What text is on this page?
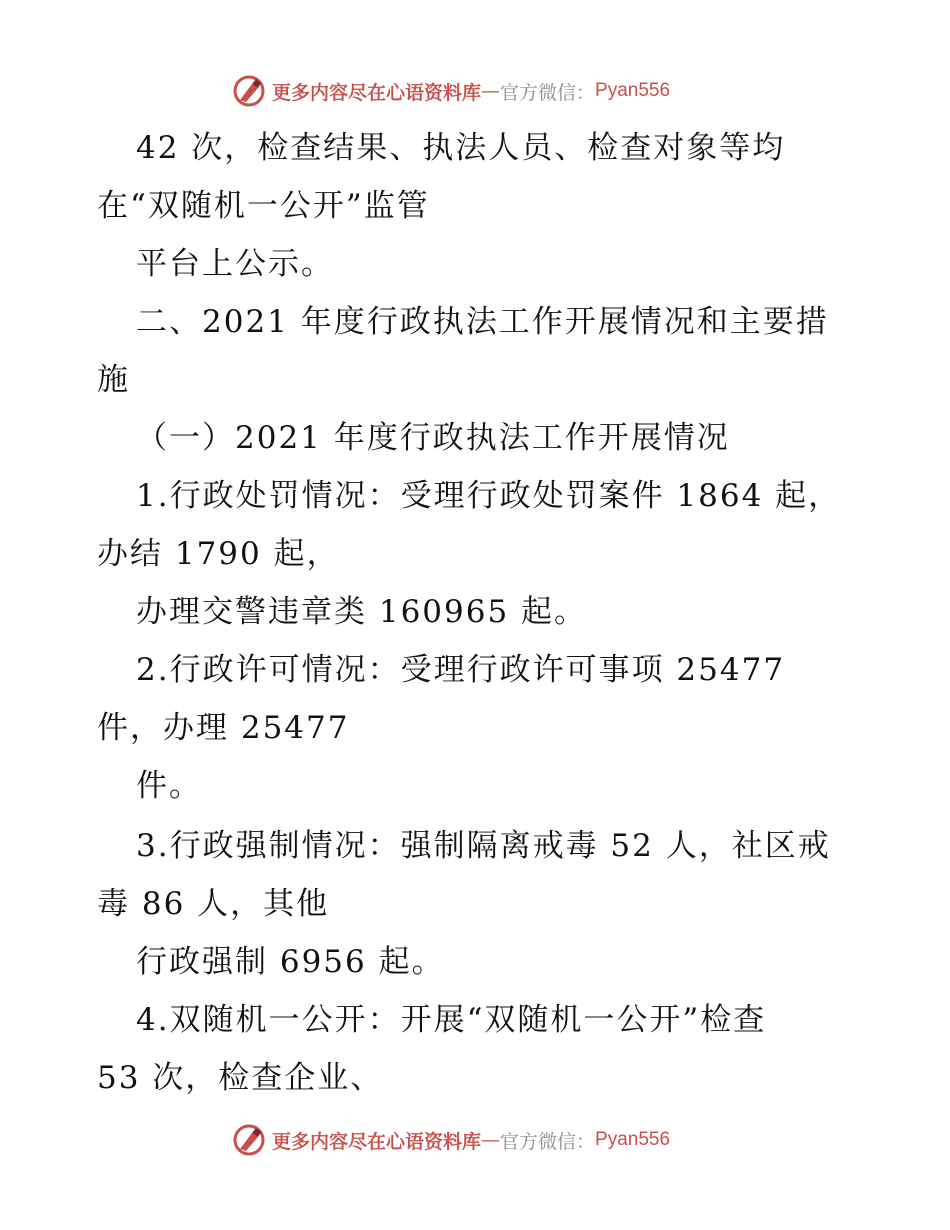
更多内容尽在心语资料库 — 官方微信： Pyan556
42 次，检查结果、执法人员、检查对象等均
在“双随机一公开”监管
平台上公示。
二、2021 年度行政执法工作开展情况和主要措
施
（一）2021 年度行政执法工作开展情况
1.行政处罚情况：受理行政处罚案件 1864 起，
办结 1790 起，
办理交警违章类 160965 起。
2.行政许可情况：受理行政许可事项 25477
件，办理 25477
件。
3.行政强制情况：强制隔离戒毒 52 人，社区戒
毒 86 人，其他
行政强制 6956 起。
4.双随机一公开：开展“双随机一公开”检查
53 次，检查企业、
更多内容尽在心语资料库 — 官方微信： Pyan556
